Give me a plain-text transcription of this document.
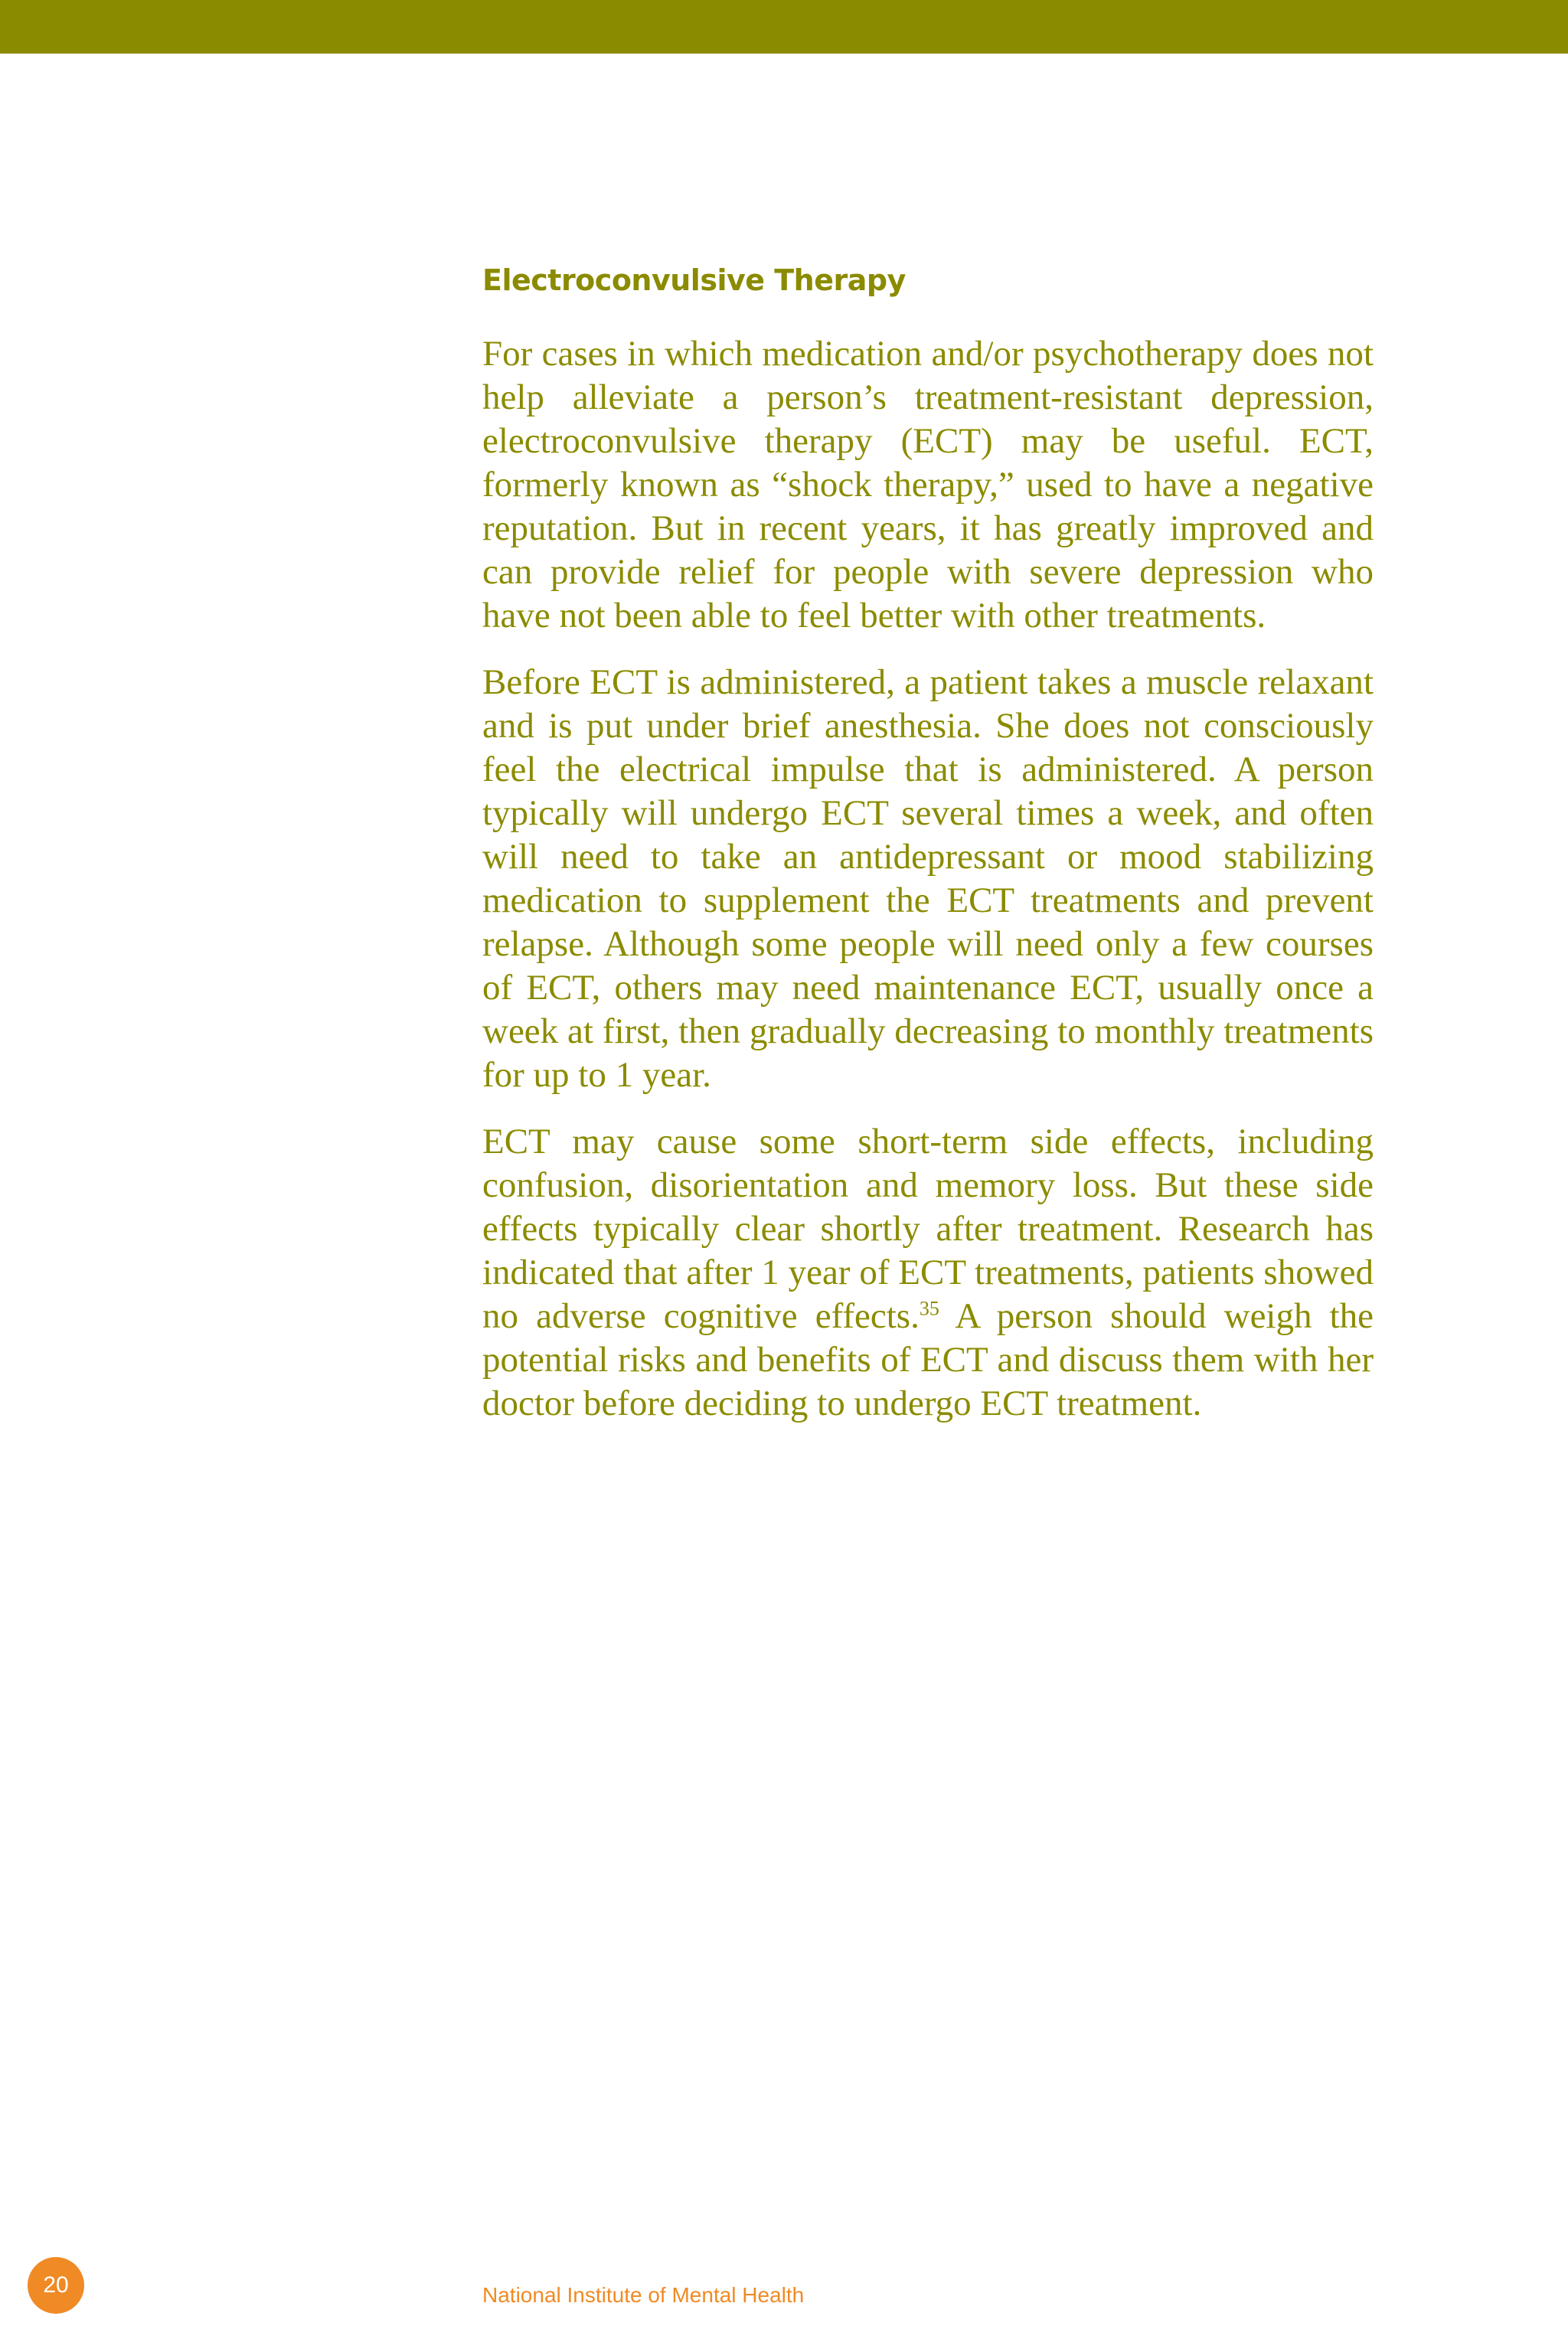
Electroconvulsive Therapy

For cases in which medication and/or psychotherapy does not help alleviate a person’s treatment-resistant depression, electroconvulsive therapy (ECT) may be useful. ECT, formerly known as “shock therapy,” used to have a negative reputation. But in recent years, it has greatly improved and can provide relief for people with severe depression who have not been able to feel better with other treatments.

Before ECT is administered, a patient takes a muscle relaxant and is put under brief anesthesia. She does not consciously feel the electrical impulse that is administered. A person typically will undergo ECT several times a week, and often will need to take an antidepressant or mood stabilizing medication to supplement the ECT treatments and prevent relapse. Although some people will need only a few courses of ECT, others may need maintenance ECT, usually once a week at first, then gradually decreasing to monthly treatments for up to 1 year.

ECT may cause some short-term side effects, including confusion, disorientation and memory loss. But these side effects typically clear shortly after treatment. Research has indicated that after 1 year of ECT treatments, patients showed no adverse cognitive effects.$^{35}$ A person should weigh the potential risks and benefits of ECT and discuss them with her doctor before deciding to undergo ECT treatment.

20	National Institute of Mental Health
